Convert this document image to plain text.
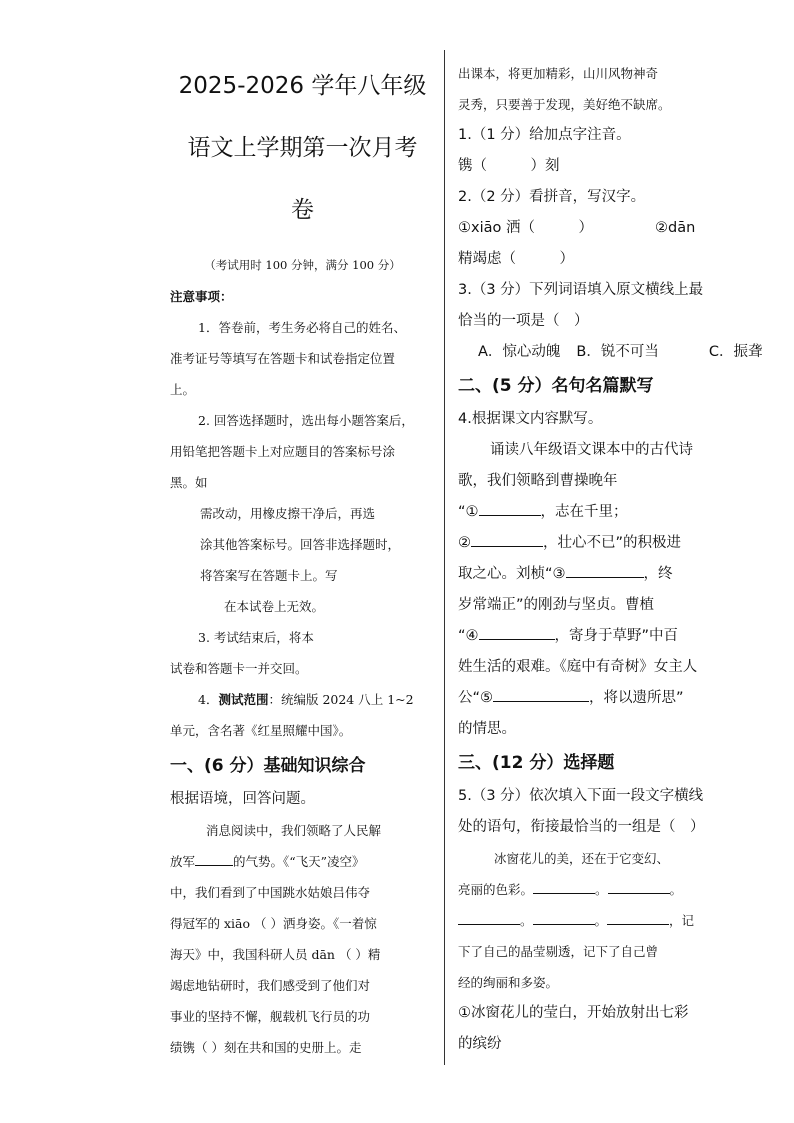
2025-2026 学年八年级
语文上学期第一次月考
卷
（考试用时 100 分钟，满分 100 分）
注意事项：
1．答卷前，考生务必将自己的姓名、
准考证号等填写在答题卡和试卷指定位置
上。
2. 回答选择题时，选出每小题答案后，
用铅笔把答题卡上对应题目的答案标号涂
黑。如
需改动，用橡皮擦干净后，再选
涂其他答案标号。回答非选择题时，
将答案写在答题卡上。写
在本试卷上无效。
3. 考试结束后，将本
试卷和答题卡一并交回。
4．测试范围：统编版 2024 八上 1~2
单元，含名著《红星照耀中国》。
一、(6 分）基础知识综合
根据语境，回答问题。
消息阅读中，我们领略了人民解
放军	的气势。《“飞天”凌空》
中，我们看到了中国跳水姑娘吕伟夺
得冠军的 xiāo （ ）洒身姿。《一着惊
海天》中，我国科研人员 dān （ ）精
竭虑地钻研时，我们感受到了他们对
事业的坚持不懈，舰载机飞行员的功
绩镌（ ）刻在共和国的史册上。走
出课本，将更加精彩，山川风物神奇
灵秀，只要善于发现，美好绝不缺席。
1.（1 分）给加点字注音。
镌（　　　）刻
2.（2 分）看拼音，写汉字。
①xiāo 洒（　　　）	②dān
精竭虑（　　　）
3.（3 分）下列词语填入原文横线上最
恰当的一项是（　）
A．惊心动魄 B．锐不可当	C．振聋
二、(5 分）名句名篇默写
4.根据课文内容默写。
诵读八年级语文课本中的古代诗
歌，我们领略到曹操晚年
“①	，志在千里；
②	，壮心不已”的积极进
取之心。刘桢“③	，终
岁常端正”的刚劲与坚贞。曹植
“④	，寄身于草野”中百
姓生活的艰难。《庭中有奇树》女主人
公“⑤	，将以遗所思”
的情思。
三、(12 分）选择题
5.（3 分）依次填入下面一段文字横线
处的语句，衔接最恰当的一组是（　）
冰窗花儿的美，还在于它变幻、
亮丽的色彩。	。	。
。	。	，记
下了自己的晶莹剔透，记下了自己曾
经的绚丽和多姿。
①冰窗花儿的莹白，开始放射出七彩
的缤纷
